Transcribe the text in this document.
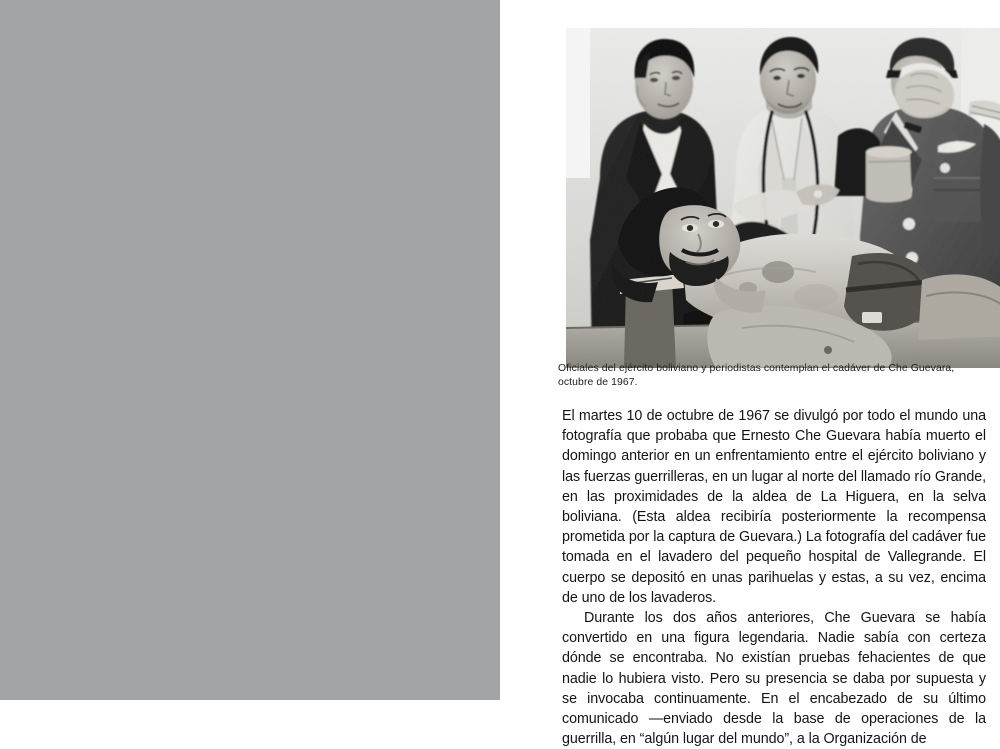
Oficiales del ejército boliviano y periodistas contemplan el cadáver de Che Guevara, octubre de 1967.

El martes 10 de octubre de 1967 se divulgó por todo el mundo una fotografía que probaba que Ernesto Che Guevara había muerto el domingo anterior en un enfrentamiento entre el ejército boliviano y las fuerzas guerrilleras, en un lugar al norte del llamado río Grande, en las proximidades de la aldea de La Higuera, en la selva boliviana. (Esta aldea recibiría posteriormente la recompensa prometida por la captura de Guevara.) La fotografía del cadáver fue tomada en el lavadero del pequeño hospital de Vallegrande. El cuerpo se depositó en unas parihuelas y estas, a su vez, encima de uno de los lavaderos.

Durante los dos años anteriores, Che Guevara se había convertido en una figura legendaria. Nadie sabía con certeza dónde se encontraba. No existían pruebas fehacientes de que nadie lo hubiera visto. Pero su presencia se daba por supuesta y se invocaba continuamente. En el encabezado de su último comunicado —enviado desde la base de operaciones de la guerrilla, en “algún lugar del mundo”, a la Organización de
